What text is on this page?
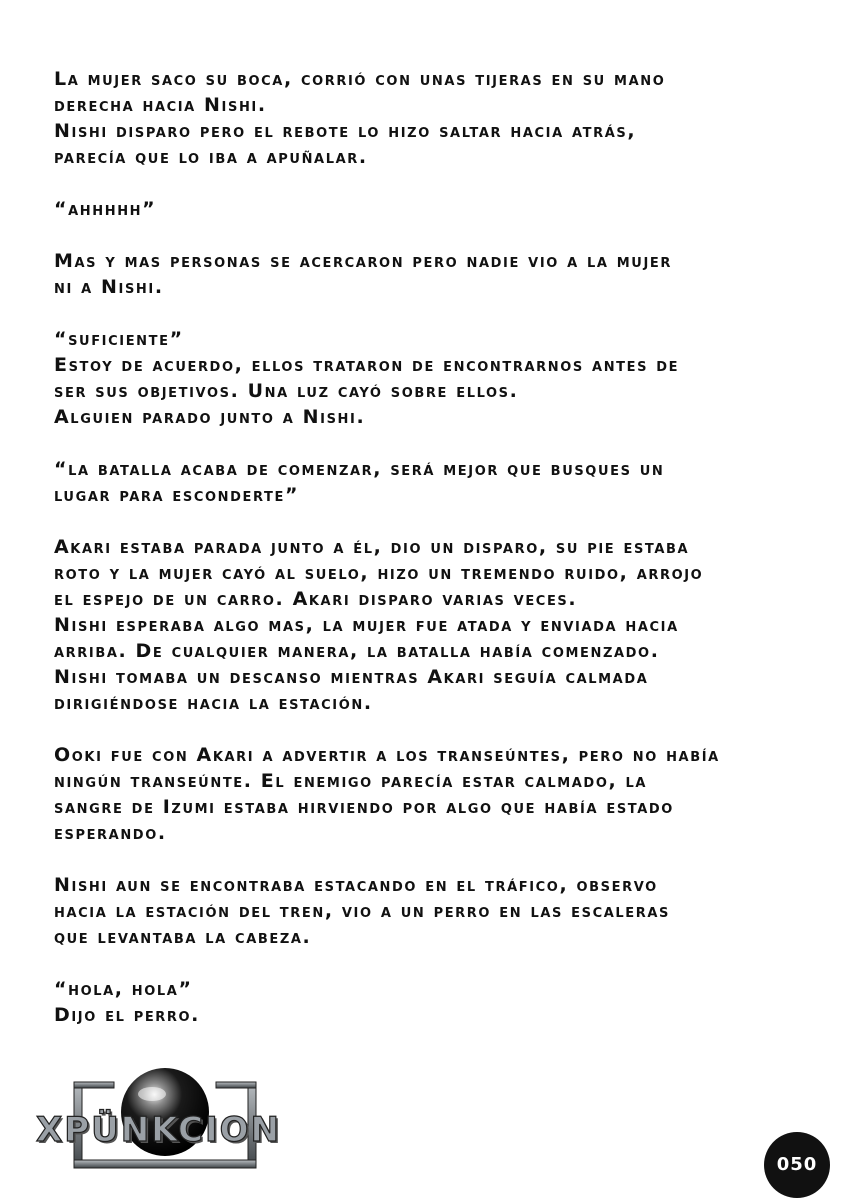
La mujer saco su boca, corrió con unas tijeras en su mano
derecha hacia Nishi.
Nishi disparo pero el rebote lo hizo saltar hacia atrás,
parecía que lo iba a apuñalar.
“ahhhhh”
Mas y mas personas se acercaron pero nadie vio a la mujer
ni a Nishi.
“suficiente”
Estoy de acuerdo, ellos trataron de encontrarnos antes de
ser sus objetivos. Una luz cayó sobre ellos.
Alguien parado junto a Nishi.
“la batalla acaba de comenzar, será mejor que busques un
lugar para esconderte”
Akari estaba parada junto a él, dio un disparo, su pie estaba
roto y la mujer cayó al suelo, hizo un tremendo ruido, arrojo
el espejo de un carro. Akari disparo varias veces.
Nishi esperaba algo mas, la mujer fue atada y enviada hacia
arriba. De cualquier manera, la batalla había comenzado.
Nishi tomaba un descanso mientras Akari seguía calmada
dirigiéndose hacia la estación.
Ooki fue con Akari a advertir a los transeúntes, pero no había
ningún transeúnte. El enemigo parecía estar calmado, la
sangre de Izumi estaba hirviendo por algo que había estado
esperando.
Nishi aun se encontraba estacando en el tráfico, observo
hacia la estación del tren, vio a un perro en las escaleras
que levantaba la cabeza.
“hola, hola”
Dijo el perro.
XPÜNKCION
050
